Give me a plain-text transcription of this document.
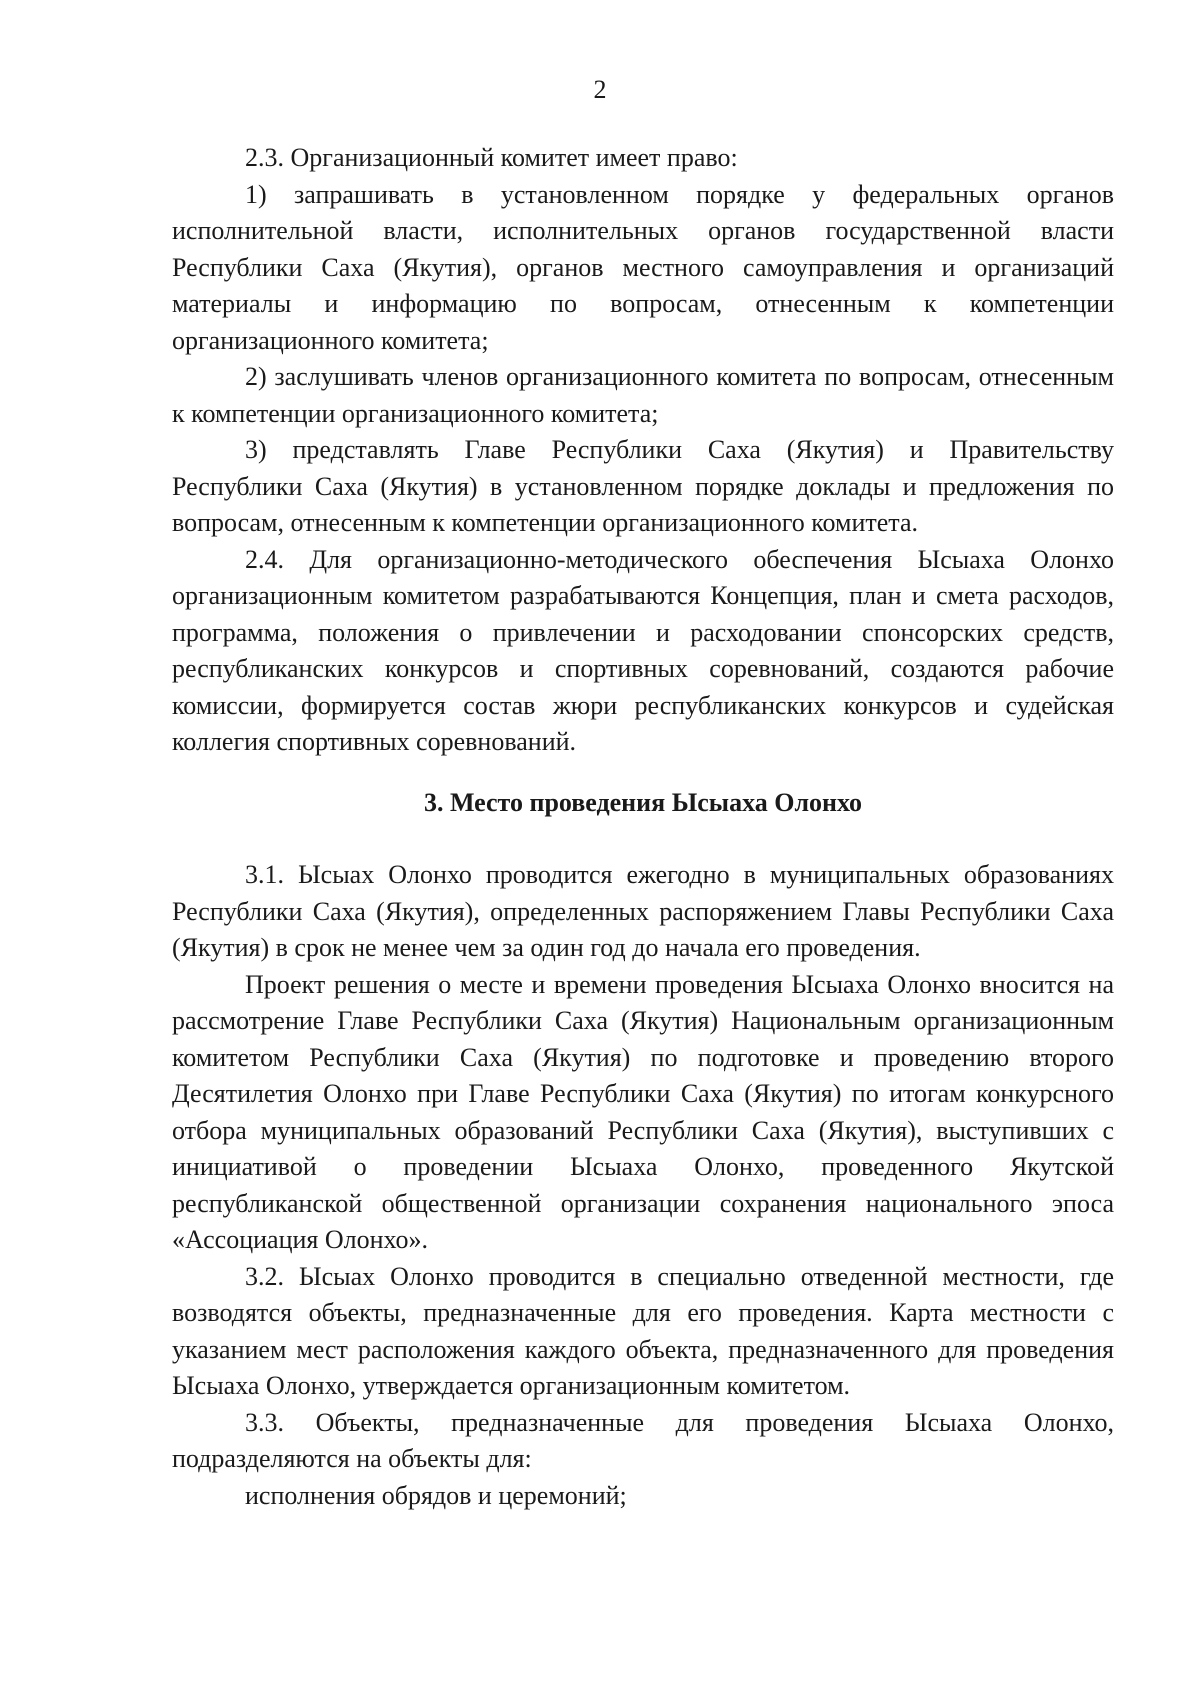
2

2.3. Организационный комитет имеет право:

1) запрашивать в установленном порядке у федеральных органов исполнительной власти, исполнительных органов государственной власти Республики Саха (Якутия), органов местного самоуправления и организаций материалы и информацию по вопросам, отнесенным к компетенции организационного комитета;

2) заслушивать членов организационного комитета по вопросам, отнесенным к компетенции организационного комитета;

3) представлять Главе Республики Саха (Якутия) и Правительству Республики Саха (Якутия) в установленном порядке доклады и предложения по вопросам, отнесенным к компетенции организационного комитета.

2.4. Для организационно-методического обеспечения Ысыаха Олонхо организационным комитетом разрабатываются Концепция, план и смета расходов, программа, положения о привлечении и расходовании спонсорских средств, республиканских конкурсов и спортивных соревнований, создаются рабочие комиссии, формируется состав жюри республиканских конкурсов и судейская коллегия спортивных соревнований.

3. Место проведения Ысыаха Олонхо

3.1. Ысыах Олонхо проводится ежегодно в муниципальных образованиях Республики Саха (Якутия), определенных распоряжением Главы Республики Саха (Якутия) в срок не менее чем за один год до начала его проведения.

Проект решения о месте и времени проведения Ысыаха Олонхо вносится на рассмотрение Главе Республики Саха (Якутия) Национальным организационным комитетом Республики Саха (Якутия) по подготовке и проведению второго Десятилетия Олонхо при Главе Республики Саха (Якутия) по итогам конкурсного отбора муниципальных образований Республики Саха (Якутия), выступивших с инициативой о проведении Ысыаха Олонхо, проведенного Якутской республиканской общественной организации сохранения национального эпоса «Ассоциация Олонхо».

3.2. Ысыах Олонхо проводится в специально отведенной местности, где возводятся объекты, предназначенные для его проведения. Карта местности с указанием мест расположения каждого объекта, предназначенного для проведения Ысыаха Олонхо, утверждается организационным комитетом.

3.3. Объекты, предназначенные для проведения Ысыаха Олонхо, подразделяются на объекты для:

исполнения обрядов и церемоний;
